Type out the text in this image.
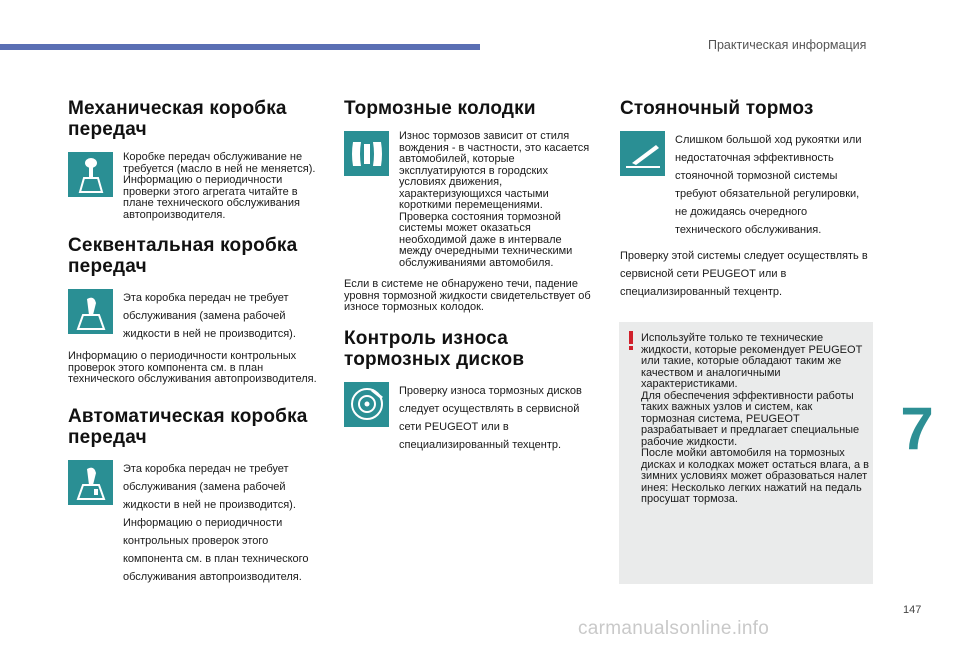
Практическая информация
Механическая коробка передач
Коробке передач обслуживание не требуется (масло в ней не меняется).
Информацию о периодичности проверки этого агрегата читайте в плане технического обслуживания автопроизводителя.
Секвентальная коробка передач
Эта коробка передач не требует обслуживания (замена рабочей жидкости в ней не производится).
Информацию о периодичности контрольных проверок этого компонента см. в план технического обслуживания автопроизводителя.
Автоматическая коробка передач
Эта коробка передач не требует обслуживания (замена рабочей жидкости в ней не производится).
Информацию о периодичности контрольных проверок этого компонента см. в план технического обслуживания автопроизводителя.
Тормозные колодки
Износ тормозов зависит от стиля вождения - в частности, это касается автомобилей, которые эксплуатируются в городских условиях движения, характеризующихся частыми короткими перемещениями. Проверка состояния тормозной системы может оказаться необходимой даже в интервале между очередными техническими обслуживаниями автомобиля.
Если в системе не обнаружено течи, падение уровня тормозной жидкости свидетельствует об износе тормозных колодок.
Контроль износа тормозных дисков
Проверку износа тормозных дисков следует осуществлять в сервисной сети PEUGEOT или в специализированный техцентр.
Стояночный тормоз
Слишком большой ход рукоятки или недостаточная эффективность стояночной тормозной системы требуют обязательной регулировки, не дожидаясь очередного технического обслуживания.
Проверку этой системы следует осуществлять в сервисной сети PEUGEOT или в специализированный техцентр.
Используйте только те технические жидкости, которые рекомендует PEUGEOT или такие, которые обладают таким же качеством и аналогичными характеристиками.
Для обеспечения эффективности работы таких важных узлов и систем, как тормозная система, PEUGEOT разрабатывает и предлагает специальные рабочие жидкости.
После мойки автомобиля на тормозных дисках и колодках может остаться влага, а в зимних условиях может образоваться налет инея: Несколько легких нажатий на педаль просушат тормоза.
7
147
carmanualsonline.info
